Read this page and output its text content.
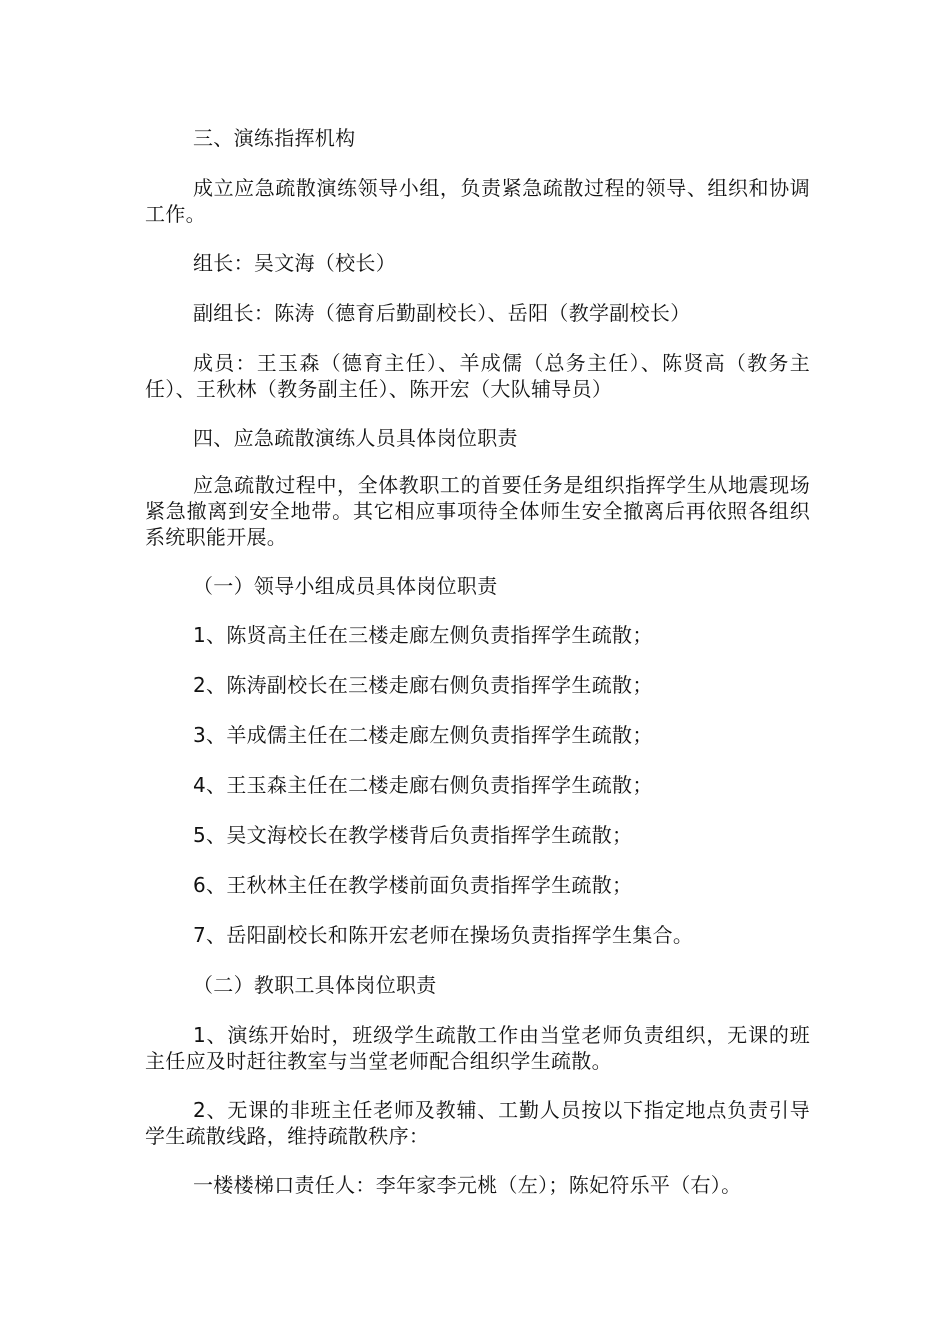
三、演练指挥机构

成立应急疏散演练领导小组，负责紧急疏散过程的领导、组织和协调工作。

组长：吴文海（校长）

副组长：陈涛（德育后勤副校长）、岳阳（教学副校长）

成员：王玉森（德育主任）、羊成儒（总务主任）、陈贤高（教务主任）、王秋林（教务副主任）、陈开宏（大队辅导员）

四、应急疏散演练人员具体岗位职责

应急疏散过程中，全体教职工的首要任务是组织指挥学生从地震现场紧急撤离到安全地带。其它相应事项待全体师生安全撤离后再依照各组织系统职能开展。

（一）领导小组成员具体岗位职责

1、陈贤高主任在三楼走廊左侧负责指挥学生疏散；

2、陈涛副校长在三楼走廊右侧负责指挥学生疏散；

3、羊成儒主任在二楼走廊左侧负责指挥学生疏散；

4、王玉森主任在二楼走廊右侧负责指挥学生疏散；

5、吴文海校长在教学楼背后负责指挥学生疏散；

6、王秋林主任在教学楼前面负责指挥学生疏散；

7、岳阳副校长和陈开宏老师在操场负责指挥学生集合。

（二）教职工具体岗位职责

1、演练开始时，班级学生疏散工作由当堂老师负责组织，无课的班主任应及时赶往教室与当堂老师配合组织学生疏散。

2、无课的非班主任老师及教辅、工勤人员按以下指定地点负责引导学生疏散线路，维持疏散秩序：

一楼楼梯口责任人：李年家李元桃（左）；陈妃符乐平（右）。
